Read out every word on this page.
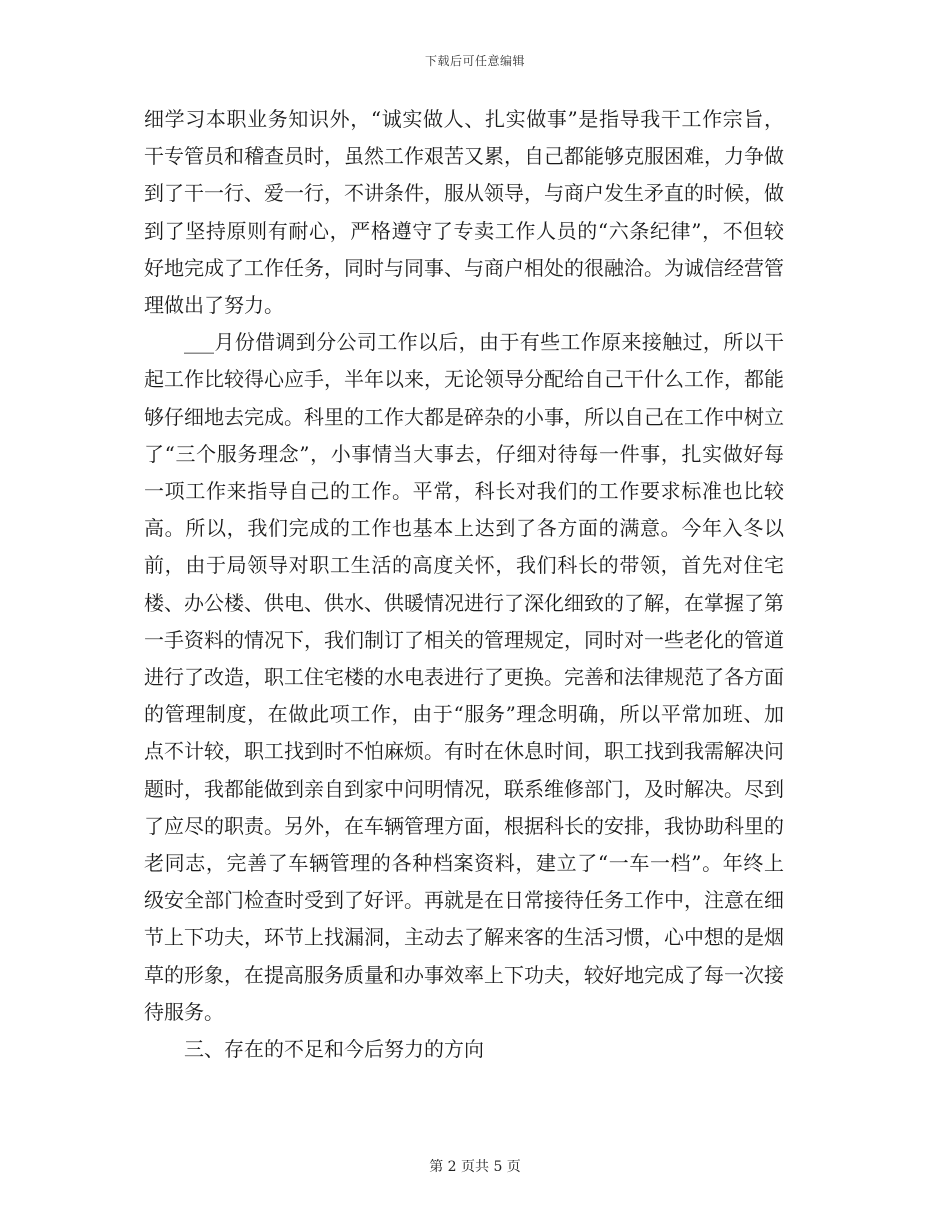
下载后可任意编辑

细学习本职业务知识外，“诚实做人、扎实做事”是指导我干工作宗旨，干专管员和稽查员时，虽然工作艰苦又累，自己都能够克服困难，力争做到了干一行、爱一行，不讲条件，服从领导，与商户发生矛直的时候，做到了坚持原则有耐心，严格遵守了专卖工作人员的“六条纪律”，不但较好地完成了工作任务，同时与同事、与商户相处的很融洽。为诚信经营管理做出了努力。

___月份借调到分公司工作以后，由于有些工作原来接触过，所以干起工作比较得心应手，半年以来，无论领导分配给自己干什么工作，都能够仔细地去完成。科里的工作大都是碎杂的小事，所以自己在工作中树立了“三个服务理念”，小事情当大事去，仔细对待每一件事，扎实做好每一项工作来指导自己的工作。平常，科长对我们的工作要求标准也比较高。所以，我们完成的工作也基本上达到了各方面的满意。今年入冬以前，由于局领导对职工生活的高度关怀，我们科长的带领，首先对住宅楼、办公楼、供电、供水、供暖情况进行了深化细致的了解，在掌握了第一手资料的情况下，我们制订了相关的管理规定，同时对一些老化的管道进行了改造，职工住宅楼的水电表进行了更换。完善和法律规范了各方面的管理制度，在做此项工作，由于“服务”理念明确，所以平常加班、加点不计较，职工找到时不怕麻烦。有时在休息时间，职工找到我需解决问题时，我都能做到亲自到家中问明情况，联系维修部门，及时解决。尽到了应尽的职责。另外，在车辆管理方面，根据科长的安排，我协助科里的老同志，完善了车辆管理的各种档案资料，建立了“一车一档”。年终上级安全部门检查时受到了好评。再就是在日常接待任务工作中，注意在细节上下功夫，环节上找漏洞，主动去了解来客的生活习惯，心中想的是烟草的形象，在提高服务质量和办事效率上下功夫，较好地完成了每一次接待服务。

三、存在的不足和今后努力的方向

第 2 页共 5 页
